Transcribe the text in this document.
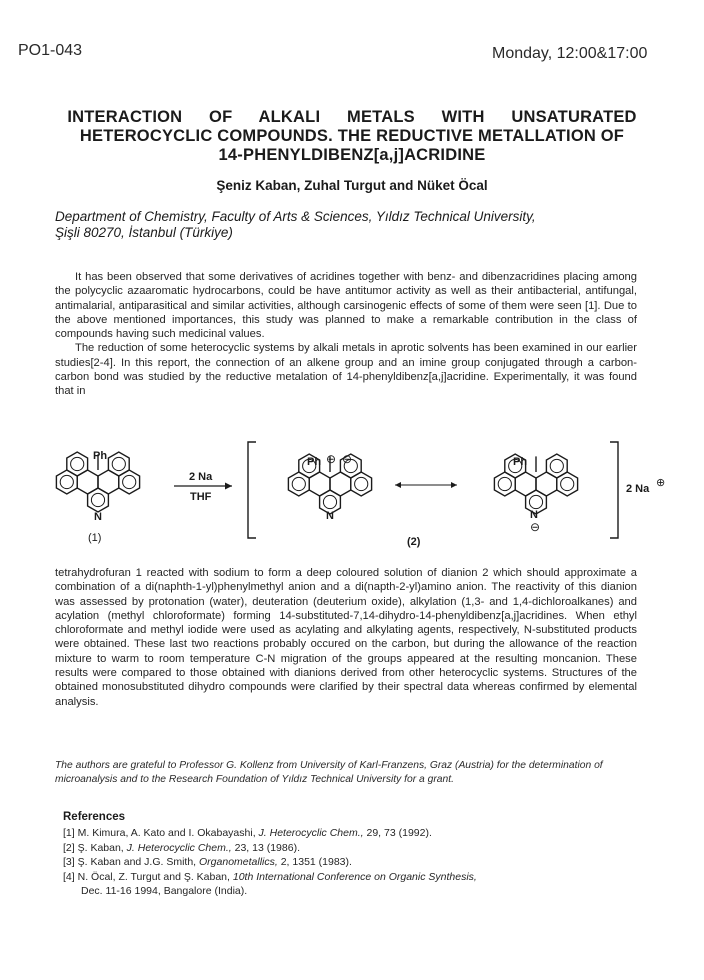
PO1-043	Monday, 12:00&17:00
INTERACTION OF ALKALI METALS WITH UNSATURATED
HETEROCYCLIC COMPOUNDS. THE REDUCTIVE METALLATION OF
14-PHENYLDIBENZ[a,j]ACRIDINE
Şeniz Kaban, Zuhal Turgut and Nüket Öcal
Department of Chemistry, Faculty of Arts & Sciences, Yıldız Technical University,
Şişli 80270, İstanbul (Türkiye)

It has been observed that some derivatives of acridines together with benz- and dibenzacridines placing among the polycyclic azaaromatic hydrocarbons, could be have antitumor activity as well as their antibacterial, antifungal, antimalarial, antiparasitical and similar activities, although carsinogenic effects of some of them were seen [1]. Due to the above mentioned importances, this study was planned to make a remarkable contribution in the class of compounds having such medicinal values.

The reduction of some heterocyclic systems by alkali metals in aprotic solvents has been examined in our earlier studies[2-4]. In this report, the connection of an alkene group and an imine group conjugated through a carbon-carbon bond was studied by the reductive metalation of 14-phenyldibenz[a,j]acridine. Experimentally, it was found that in

Ph
N
(1)
2 Na
THF
Ph ⊖ ⊖
N
Ph
N
⊖
(2)
2 Na ⊕

tetrahydrofuran 1 reacted with sodium to form a deep coloured solution of dianion 2 which should approximate a combination of a di(naphth-1-yl)phenylmethyl anion and a di(napth-2-yl)amino anion. The reactivity of this dianion was assessed by protonation (water), deuteration (deuterium oxide), alkylation (1,3- and 1,4-dichloroalkanes) and acylation (methyl chloroformate) forming 14-substituted-7,14-dihydro-14-phenyldibenz[a,j]acridines. When ethyl chloroformate and methyl iodide were used as acylating and alkylating agents, respectively, N-substituted products were obtained. These last two reactions probably occured on the carbon, but during the allowance of the reaction mixture to warm to room temperature C-N migration of the groups appeared at the resulting moncanion. These results were compared to those obtained with dianions derived from other heterocyclic systems. Structures of the obtained monosubstituted dihydro compounds were clarified by their spectral data whereas confirmed by elemental analysis.

The authors are grateful to Professor G. Kollenz from University of Karl-Franzens, Graz (Austria) for the determination of microanalysis and to the Research Foundation of Yıldız Technical University for a grant.
References
[1] M. Kimura, A. Kato and I. Okabayashi, J. Heterocyclic Chem., 29, 73 (1992).
[2] Ş. Kaban, J. Heterocyclic Chem., 23, 13 (1986).
[3] Ş. Kaban and J.G. Smith, Organometallics, 2, 1351 (1983).
[4] N. Öcal, Z. Turgut and Ş. Kaban, 10th International Conference on Organic Synthesis,
Dec. 11-16 1994, Bangalore (India).
